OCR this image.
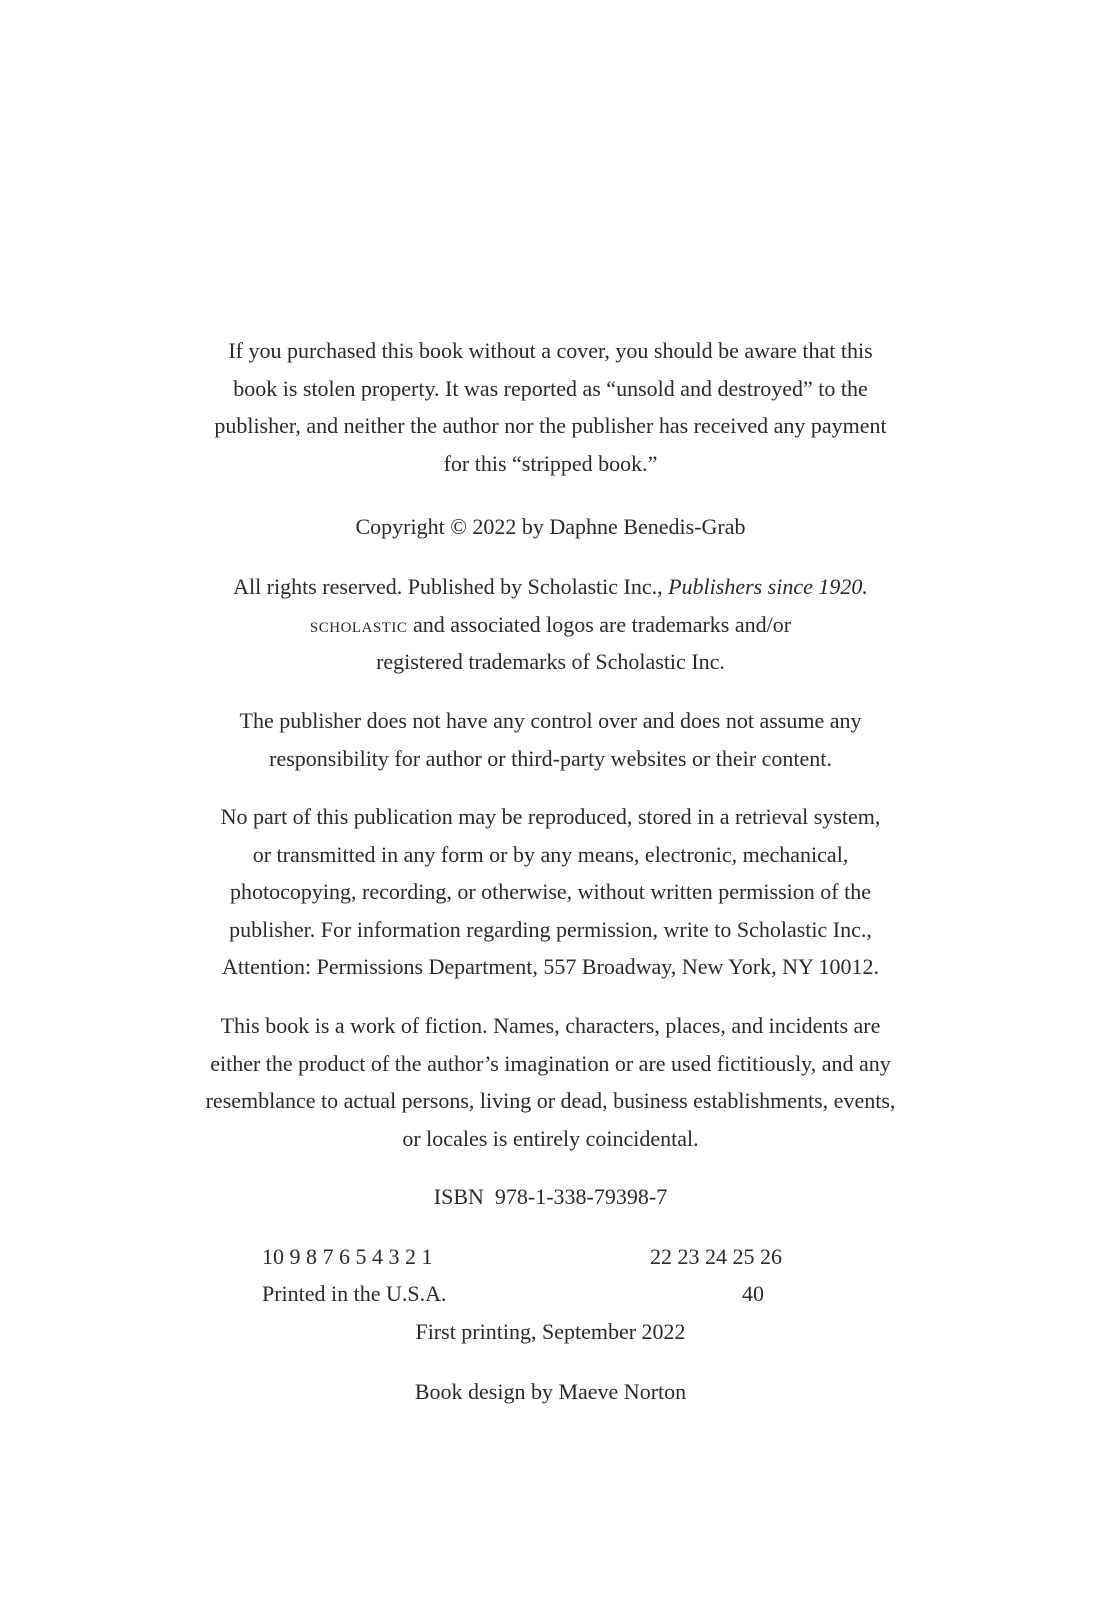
If you purchased this book without a cover, you should be aware that this
book is stolen property. It was reported as “unsold and destroyed” to the
publisher, and neither the author nor the publisher has received any payment
for this “stripped book.”
Copyright © 2022 by Daphne Benedis-Grab
All rights reserved. Published by Scholastic Inc., Publishers since 1920.
scholastic and associated logos are trademarks and/or
registered trademarks of Scholastic Inc.
The publisher does not have any control over and does not assume any
responsibility for author or third-party websites or their content.
No part of this publication may be reproduced, stored in a retrieval system,
or transmitted in any form or by any means, electronic, mechanical,
photocopying, recording, or otherwise, without written permission of the
publisher. For information regarding permission, write to Scholastic Inc.,
Attention: Permissions Department, 557 Broadway, New York, NY 10012.
This book is a work of fiction. Names, characters, places, and incidents are
either the product of the author’s imagination or are used fictitiously, and any
resemblance to actual persons, living or dead, business establishments, events,
or locales is entirely coincidental.
ISBN  978-1-338-79398-7
10 9 8 7 6 5 4 3 2 1	22 23 24 25 26
Printed in the U.S.A.	40
First printing, September 2022
Book design by Maeve Norton
